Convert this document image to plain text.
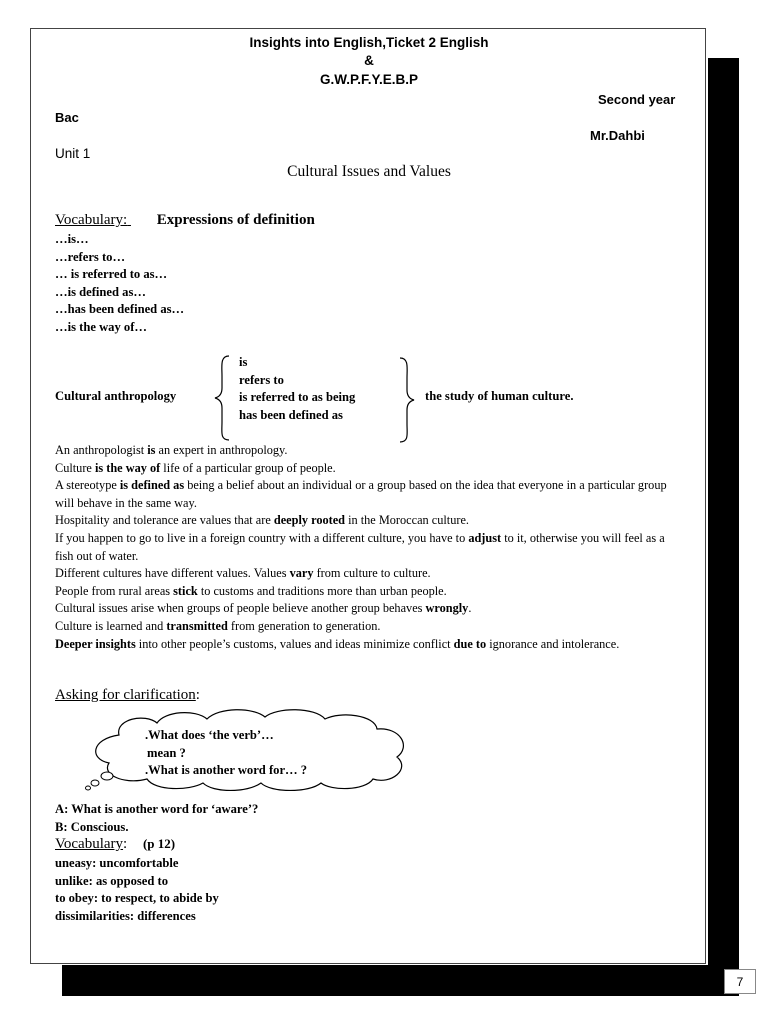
Insights into English,Ticket 2 English
&
G.W.P.F.Y.E.B.P
Second year
Bac
Mr.Dahbi
Unit 1
Cultural Issues and Values
Vocabulary: Expressions of definition
…is…
…refers to…
… is referred to as…
…is defined as…
…has been defined as…
…is the way of…
Cultural anthropology
is
refers to
is referred to as being
has been defined as
the study of human culture.

An anthropologist is an expert in anthropology.

Culture is the way of life of a particular group of people.

A stereotype is defined as being a belief about an individual or a group based on the idea that everyone in a particular group will behave in the same way.

Hospitality and tolerance are values that are deeply rooted in the Moroccan culture.

If you happen to go to live in a foreign country with a different culture, you have to adjust to it, otherwise you will feel as a fish out of water.

Different cultures have different values. Values vary from culture to culture.

People from rural areas stick to customs and traditions more than urban people.

Cultural issues arise when groups of people believe another group behaves wrongly.

Culture is learned and transmitted from generation to generation.

Deeper insights into other people’s customs, values and ideas minimize conflict due to ignorance and intolerance.

Asking for clarification:
.What does ‘the verb’…
mean ?
.What is another word for… ?
A: What is another word for ‘aware’?
B: Conscious.
Vocabulary: (p 12)
uneasy: uncomfortable
unlike: as opposed to
to obey: to respect, to abide by
dissimilarities: differences
7
